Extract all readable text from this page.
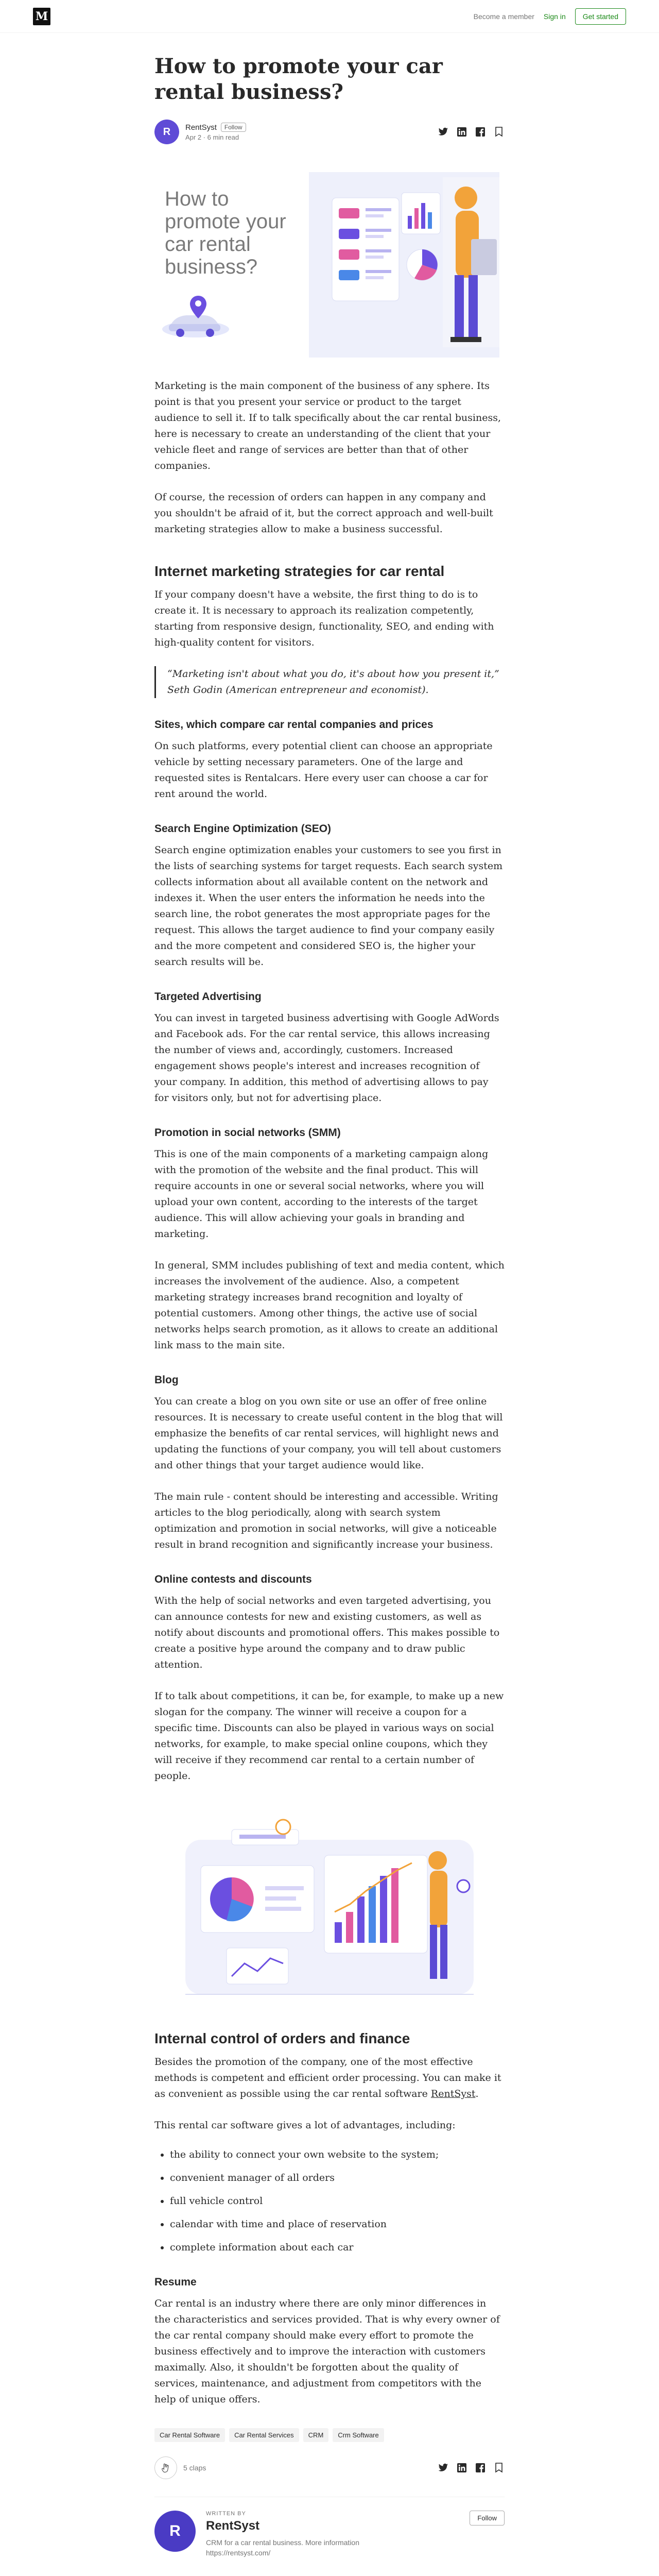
M	Become a member Sign in	Get started
How to promote your car rental business?
R	RentSyst	Follow
Apr 2 · 6 min read
How to promote your car rental business?

Marketing is the main component of the business of any sphere. Its point is that you present your service or product to the target audience to sell it. If to talk specifically about the car rental business, here is necessary to create an understanding of the client that your vehicle fleet and range of services are better than that of other companies.

Of course, the recession of orders can happen in any company and you shouldn't be afraid of it, but the correct approach and well-built marketing strategies allow to make a business successful.

Internet marketing strategies for car rental

If your company doesn't have a website, the first thing to do is to create it. It is necessary to approach its realization competently, starting from responsive design, functionality, SEO, and ending with high-quality content for visitors.

“Marketing isn't about what you do, it's about how you present it,” Seth Godin (American entrepreneur and economist).
Sites, which compare car rental companies and prices

On such platforms, every potential client can choose an appropriate vehicle by setting necessary parameters. One of the large and requested sites is Rentalcars. Here every user can choose a car for rent around the world.

Search Engine Optimization (SEO)

Search engine optimization enables your customers to see you first in the lists of searching systems for target requests. Each search system collects information about all available content on the network and indexes it. When the user enters the information he needs into the search line, the robot generates the most appropriate pages for the request. This allows the target audience to find your company easily and the more competent and considered SEO is, the higher your search results will be.

Targeted Advertising

You can invest in targeted business advertising with Google AdWords and Facebook ads. For the car rental service, this allows increasing the number of views and, accordingly, customers. Increased engagement shows people's interest and increases recognition of your company. In addition, this method of advertising allows to pay for visitors only, but not for advertising place.

Promotion in social networks (SMM)

This is one of the main components of a marketing campaign along with the promotion of the website and the final product. This will require accounts in one or several social networks, where you will upload your own content, according to the interests of the target audience. This will allow achieving your goals in branding and marketing.

In general, SMM includes publishing of text and media content, which increases the involvement of the audience. Also, a competent marketing strategy increases brand recognition and loyalty of potential customers. Among other things, the active use of social networks helps search promotion, as it allows to create an additional link mass to the main site.

Blog

You can create a blog on you own site or use an offer of free online resources. It is necessary to create useful content in the blog that will emphasize the benefits of car rental services, will highlight news and updating the functions of your company, you will tell about customers and other things that your target audience would like.

The main rule - content should be interesting and accessible. Writing articles to the blog periodically, along with search system optimization and promotion in social networks, will give a noticeable result in brand recognition and significantly increase your business.

Online contests and discounts

With the help of social networks and even targeted advertising, you can announce contests for new and existing customers, as well as notify about discounts and promotional offers. This makes possible to create a positive hype around the company and to draw public attention.

If to talk about competitions, it can be, for example, to make up a new slogan for the company. The winner will receive a coupon for a specific time. Discounts can also be played in various ways on social networks, for example, to make special online coupons, which they will receive if they recommend car rental to a certain number of people.

Internal control of orders and finance

Besides the promotion of the company, one of the most effective methods is competent and efficient order processing. You can make it as convenient as possible using the car rental software RentSyst.

This rental car software gives a lot of advantages, including:

• the ability to connect your own website to the system;
• convenient manager of all orders
• full vehicle control
• calendar with time and place of reservation
• complete information about each car
Resume

Car rental is an industry where there are only minor differences in the characteristics and services provided. That is why every owner of the car rental company should make every effort to promote the business effectively and to improve the interaction with customers maximally. Also, it shouldn't be forgotten about the quality of services, maintenance, and adjustment from competitors with the help of unique offers.

Car Rental Software	Car Rental Services	CRM	Crm Software
5 claps
R
WRITTEN BY
RentSyst
CRM for a car rental business. More information
https://rentsyst.com/
Follow
